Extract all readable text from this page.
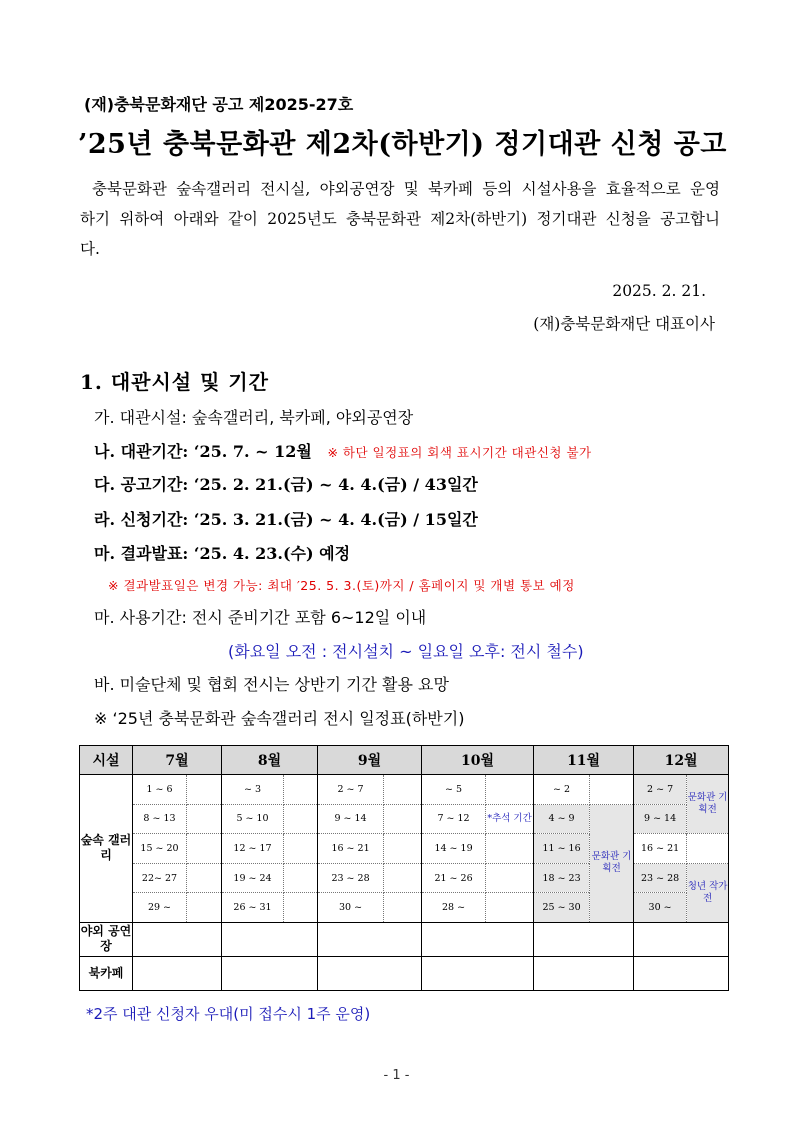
(재)충북문화재단 공고 제2025-27호
’25년 충북문화관 제2차(하반기) 정기대관 신청 공고
충북문화관 숲속갤러리 전시실, 야외공연장 및 북카페 등의 시설사용을 효율적으로 운영하기 위하여 아래와 같이 2025년도 충북문화관 제2차(하반기) 정기대관 신청을 공고합니다.
2025. 2. 21.
(재)충북문화재단 대표이사
1. 대관시설 및 기간
가. 대관시설: 숲속갤러리, 북카페, 야외공연장
나. 대관기간: ‘25. 7. ~ 12월 ※ 하단 일정표의 회색 표시기간 대관신청 불가
다. 공고기간: ‘25. 2. 21.(금) ~ 4. 4.(금) / 43일간
라. 신청기간: ‘25. 3. 21.(금) ~ 4. 4.(금) / 15일간
마. 결과발표: ‘25. 4. 23.(수) 예정
※ 결과발표일은 변경 가능: 최대 ′25. 5. 3.(토)까지 / 홈페이지 및 개별 통보 예정
마. 사용기간: 전시 준비기간 포함 6~12일 이내
(화요일 오전 : 전시설치 ~ 일요일 오후: 전시 철수)
바. 미술단체 및 협회 전시는 상반기 기간 활용 요망
※ ‘25년 충북문화관 숲속갤러리 전시 일정표(하반기)
시설	7월		8월		9월		10월		11월		12월	
숲속 갤러리	1 ~ 6		~ 3		2 ~ 7		~ 5		~ 2		2 ~ 7	문화관 기획전
	8 ~ 13		5 ~ 10		9 ~ 14		7 ~ 12	*추석 기간	4 ~ 9	문화관 기획전	9 ~ 14	
	15 ~ 20		12 ~ 17		16 ~ 21		14 ~ 19		11 ~ 16		16 ~ 21	
	22~ 27		19 ~ 24		23 ~ 28		21 ~ 26		18 ~ 23		23 ~ 28	청년 작가전
	29 ~		26 ~ 31		30 ~		28 ~		25 ~ 30		30 ~	
야외 공연장												
북카페												
*2주 대관 신청자 우대(미 접수시 1주 운영)
- 1 -
